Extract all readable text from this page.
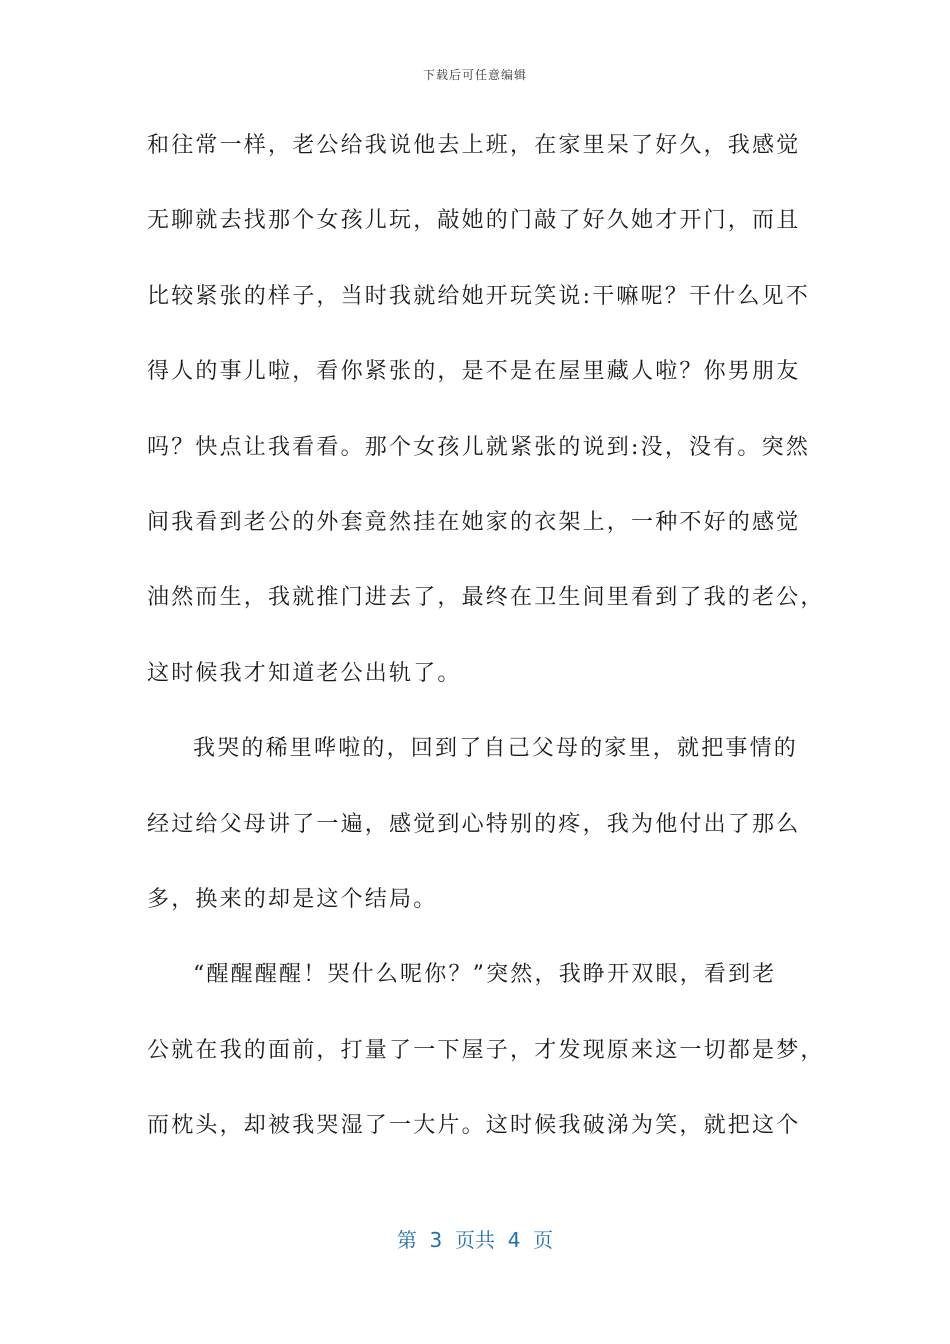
下载后可任意编辑
和往常一样，老公给我说他去上班，在家里呆了好久，我感觉
无聊就去找那个女孩儿玩，敲她的门敲了好久她才开门，而且
比较紧张的样子，当时我就给她开玩笑说:干嘛呢？干什么见不
得人的事儿啦，看你紧张的，是不是在屋里藏人啦？你男朋友
吗？快点让我看看。那个女孩儿就紧张的说到:没，没有。突然
间我看到老公的外套竟然挂在她家的衣架上，一种不好的感觉
油然而生，我就推门进去了，最终在卫生间里看到了我的老公，
这时候我才知道老公出轨了。
我哭的稀里哗啦的，回到了自己父母的家里，就把事情的
经过给父母讲了一遍，感觉到心特别的疼，我为他付出了那么
多，换来的却是这个结局。
“醒醒醒醒！哭什么呢你？”突然，我睁开双眼，看到老
公就在我的面前，打量了一下屋子，才发现原来这一切都是梦，
而枕头，却被我哭湿了一大片。这时候我破涕为笑，就把这个
第  3  页共  4  页
